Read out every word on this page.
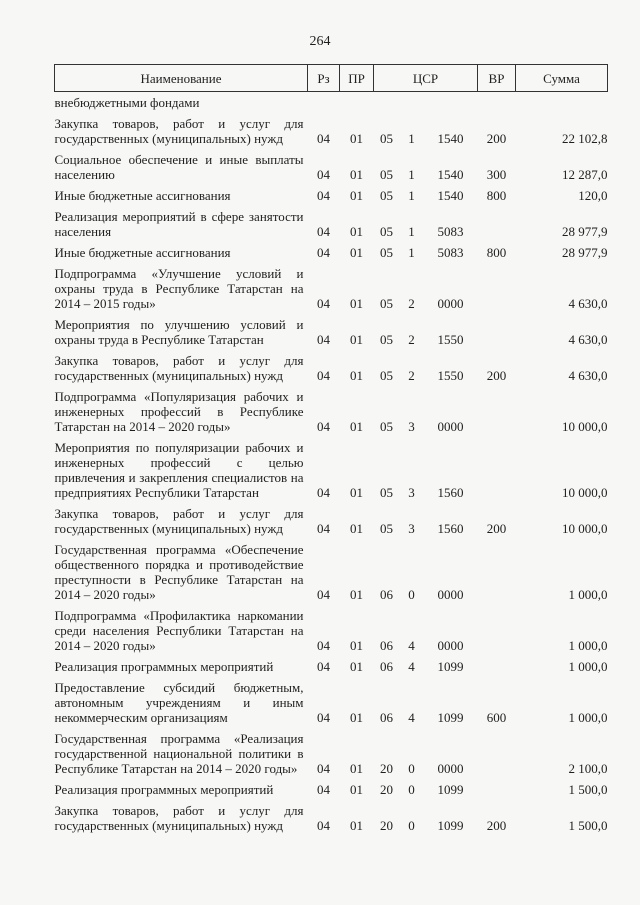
264
Наименование	Рз	ПР	ЦСР			ВР	Сумма
внебюджетными фондами							
Закупка товаров, работ и услуг для государственных (муниципальных) нужд	04	01	05	1	1540	200	22 102,8
Социальное обеспечение и иные выплаты населению	04	01	05	1	1540	300	12 287,0
Иные бюджетные ассигнования	04	01	05	1	1540	800	120,0
Реализация мероприятий в сфере занятости населения	04	01	05	1	5083		28 977,9
Иные бюджетные ассигнования	04	01	05	1	5083	800	28 977,9
Подпрограмма «Улучшение условий и охраны труда в Республике Татарстан на 2014 – 2015 годы»	04	01	05	2	0000		4 630,0
Мероприятия по улучшению условий и охраны труда в Республике Татарстан	04	01	05	2	1550		4 630,0
Закупка товаров, работ и услуг для государственных (муниципальных) нужд	04	01	05	2	1550	200	4 630,0
Подпрограмма «Популяризация рабочих и инженерных профессий в Республике Татарстан на 2014 – 2020 годы»	04	01	05	3	0000		10 000,0
Мероприятия по популяризации рабочих и инженерных профессий с целью привлечения и закрепления специалистов на предприятиях Республики Татарстан	04	01	05	3	1560		10 000,0
Закупка товаров, работ и услуг для государственных (муниципальных) нужд	04	01	05	3	1560	200	10 000,0
Государственная программа «Обеспечение общественного порядка и противодействие преступности в Республике Татарстан на 2014 – 2020 годы»	04	01	06	0	0000		1 000,0
Подпрограмма «Профилактика наркомании среди населения Республики Татарстан на 2014 – 2020 годы»	04	01	06	4	0000		1 000,0
Реализация программных мероприятий	04	01	06	4	1099		1 000,0
Предоставление субсидий бюджетным, автономным учреждениям и иным некоммерческим организациям	04	01	06	4	1099	600	1 000,0
Государственная программа «Реализация государственной национальной политики в Республике Татарстан на 2014 – 2020 годы»	04	01	20	0	0000		2 100,0
Реализация программных мероприятий	04	01	20	0	1099		1 500,0
Закупка товаров, работ и услуг для государственных (муниципальных) нужд	04	01	20	0	1099	200	1 500,0
